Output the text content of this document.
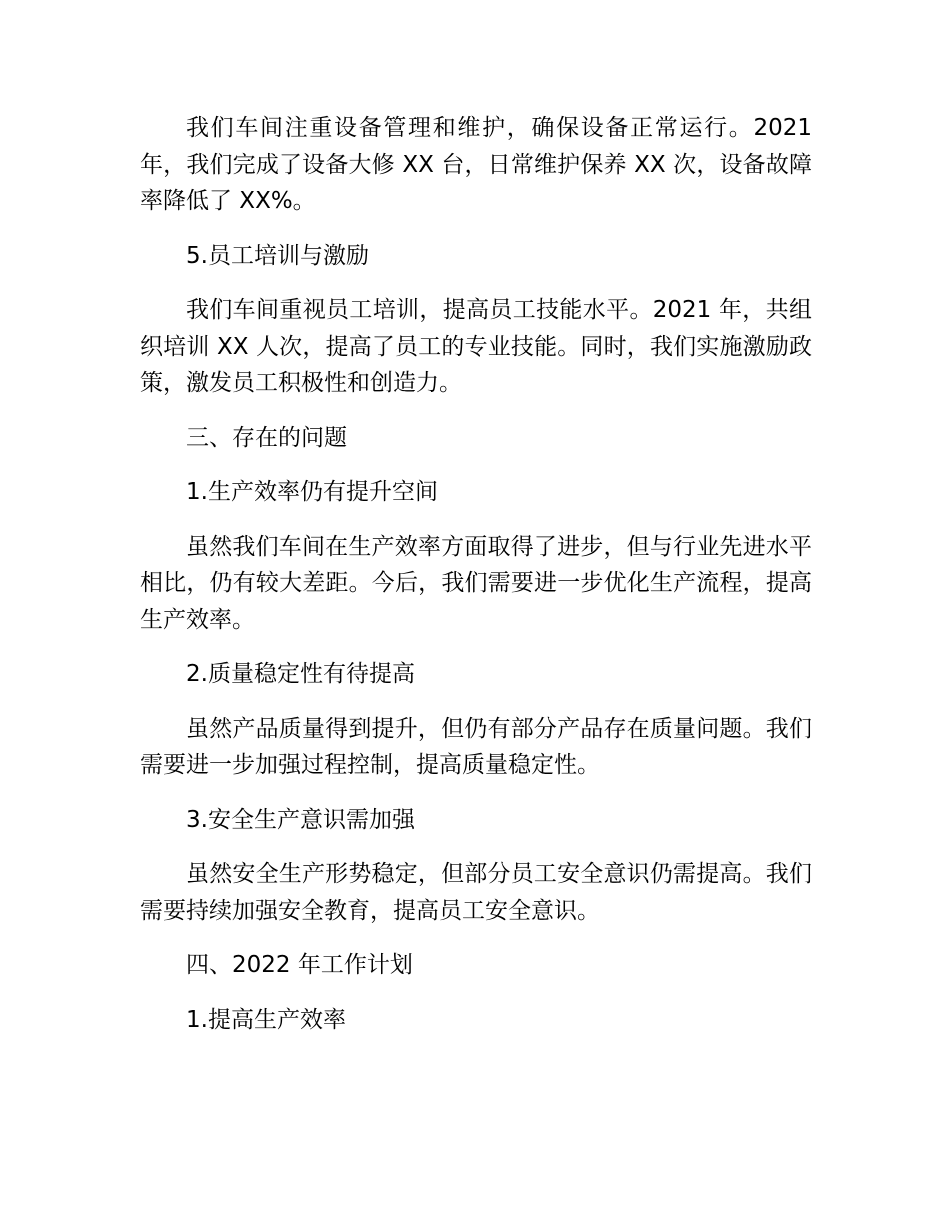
我们车间注重设备管理和维护，确保设备正常运行。2021 年，我们完成了设备大修 XX 台，日常维护保养 XX 次，设备故障率降低了 XX%。

5.员工培训与激励

我们车间重视员工培训，提高员工技能水平。2021 年，共组织培训 XX 人次，提高了员工的专业技能。同时，我们实施激励政策，激发员工积极性和创造力。

三、存在的问题

1.生产效率仍有提升空间

虽然我们车间在生产效率方面取得了进步，但与行业先进水平相比，仍有较大差距。今后，我们需要进一步优化生产流程，提高生产效率。

2.质量稳定性有待提高

虽然产品质量得到提升，但仍有部分产品存在质量问题。我们需要进一步加强过程控制，提高质量稳定性。

3.安全生产意识需加强

虽然安全生产形势稳定，但部分员工安全意识仍需提高。我们需要持续加强安全教育，提高员工安全意识。

四、2022 年工作计划

1.提高生产效率
